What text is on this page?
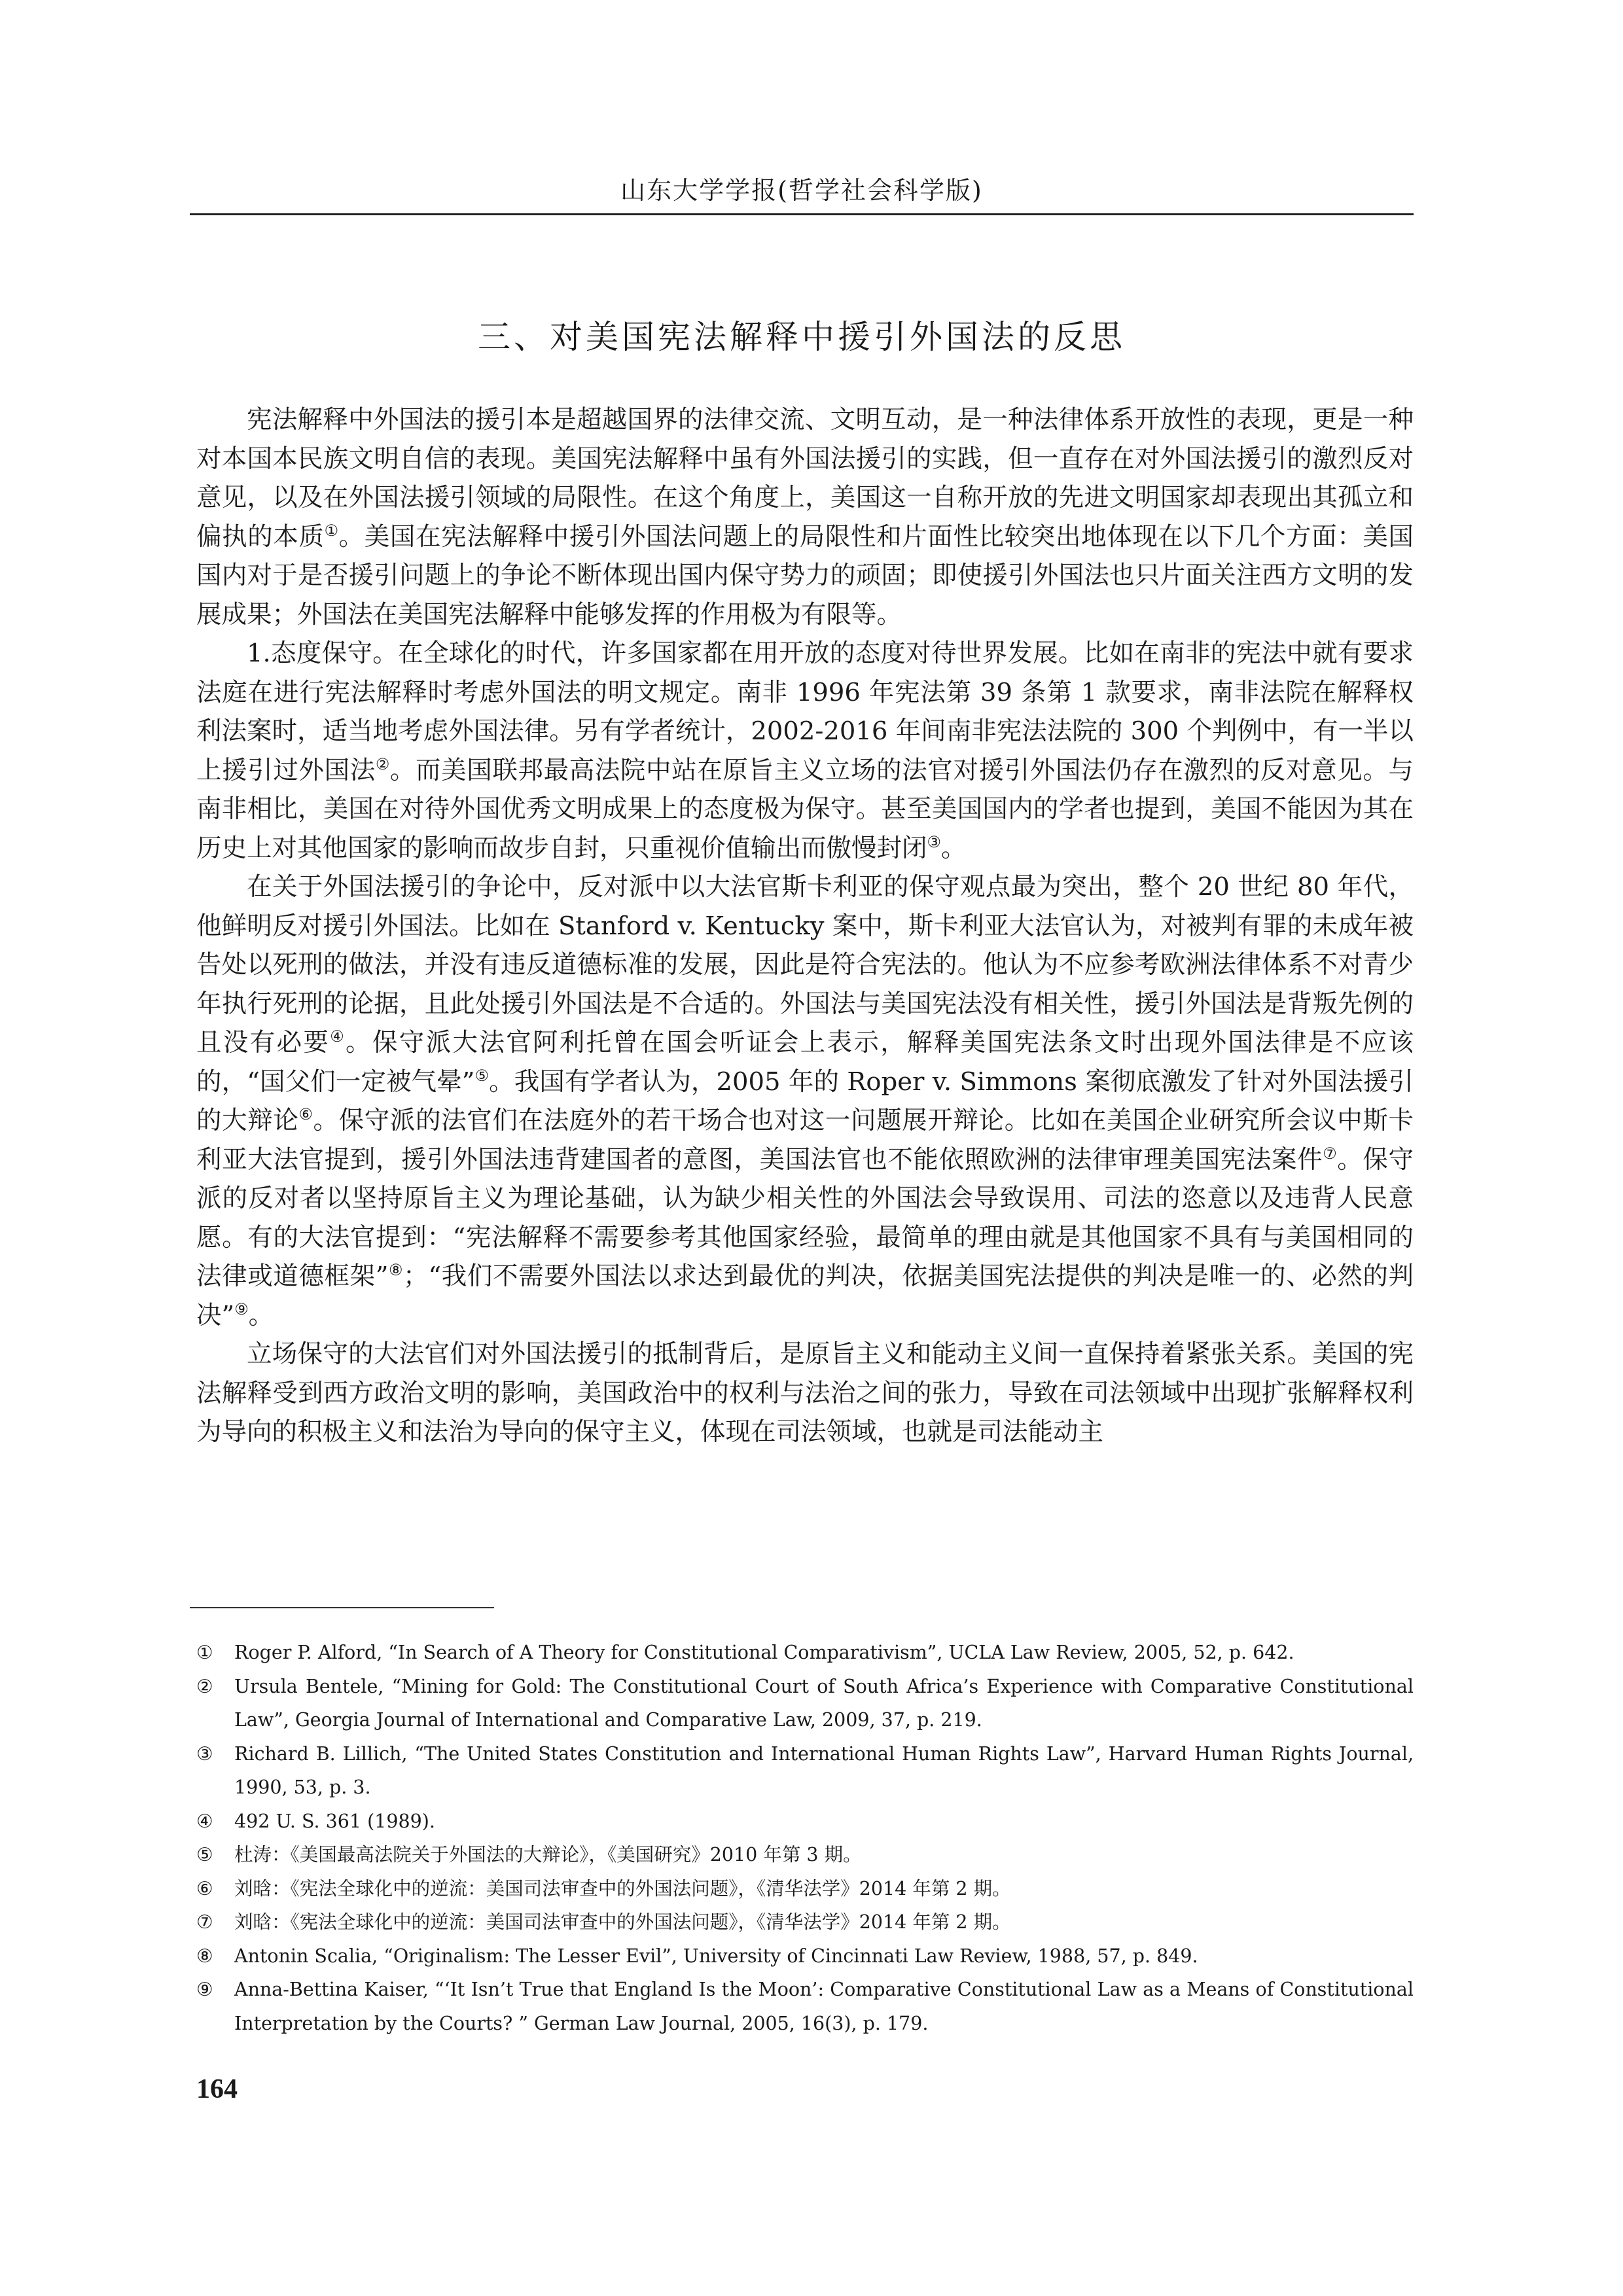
山东大学学报(哲学社会科学版)
三、对美国宪法解释中援引外国法的反思

宪法解释中外国法的援引本是超越国界的法律交流、文明互动，是一种法律体系开放性的表现，更是一种对本国本民族文明自信的表现。美国宪法解释中虽有外国法援引的实践，但一直存在对外国法援引的激烈反对意见，以及在外国法援引领域的局限性。在这个角度上，美国这一自称开放的先进文明国家却表现出其孤立和偏执的本质①。美国在宪法解释中援引外国法问题上的局限性和片面性比较突出地体现在以下几个方面：美国国内对于是否援引问题上的争论不断体现出国内保守势力的顽固；即使援引外国法也只片面关注西方文明的发展成果；外国法在美国宪法解释中能够发挥的作用极为有限等。

1.态度保守。在全球化的时代，许多国家都在用开放的态度对待世界发展。比如在南非的宪法中就有要求法庭在进行宪法解释时考虑外国法的明文规定。南非 1996 年宪法第 39 条第 1 款要求，南非法院在解释权利法案时，适当地考虑外国法律。另有学者统计，2002-2016 年间南非宪法法院的 300 个判例中，有一半以上援引过外国法②。而美国联邦最高法院中站在原旨主义立场的法官对援引外国法仍存在激烈的反对意见。与南非相比，美国在对待外国优秀文明成果上的态度极为保守。甚至美国国内的学者也提到，美国不能因为其在历史上对其他国家的影响而故步自封，只重视价值输出而傲慢封闭③。

在关于外国法援引的争论中，反对派中以大法官斯卡利亚的保守观点最为突出，整个 20 世纪 80 年代，他鲜明反对援引外国法。比如在 Stanford v. Kentucky 案中，斯卡利亚大法官认为，对被判有罪的未成年被告处以死刑的做法，并没有违反道德标准的发展，因此是符合宪法的。他认为不应参考欧洲法律体系不对青少年执行死刑的论据，且此处援引外国法是不合适的。外国法与美国宪法没有相关性，援引外国法是背叛先例的且没有必要④。保守派大法官阿利托曾在国会听证会上表示，解释美国宪法条文时出现外国法律是不应该的，“国父们一定被气晕”⑤。我国有学者认为，2005 年的 Roper v. Simmons 案彻底激发了针对外国法援引的大辩论⑥。保守派的法官们在法庭外的若干场合也对这一问题展开辩论。比如在美国企业研究所会议中斯卡利亚大法官提到，援引外国法违背建国者的意图，美国法官也不能依照欧洲的法律审理美国宪法案件⑦。保守派的反对者以坚持原旨主义为理论基础，认为缺少相关性的外国法会导致误用、司法的恣意以及违背人民意愿。有的大法官提到：“宪法解释不需要参考其他国家经验，最简单的理由就是其他国家不具有与美国相同的法律或道德框架”⑧；“我们不需要外国法以求达到最优的判决，依据美国宪法提供的判决是唯一的、必然的判决”⑨。

立场保守的大法官们对外国法援引的抵制背后，是原旨主义和能动主义间一直保持着紧张关系。美国的宪法解释受到西方政治文明的影响，美国政治中的权利与法治之间的张力，导致在司法领域中出现扩张解释权利为导向的积极主义和法治为导向的保守主义，体现在司法领域，也就是司法能动主

①	Roger P. Alford, “In Search of A Theory for Constitutional Comparativism”, UCLA Law Review, 2005, 52, p. 642.
②	Ursula Bentele, “Mining for Gold: The Constitutional Court of South Africa’s Experience with Comparative Constitutional Law”, Georgia Journal of International and Comparative Law, 2009, 37, p. 219.
③	Richard B. Lillich, “The United States Constitution and International Human Rights Law”, Harvard Human Rights Journal, 1990, 53, p. 3.
④	492 U. S. 361 (1989).
⑤	杜涛：《美国最高法院关于外国法的大辩论》，《美国研究》2010 年第 3 期。
⑥	刘晗：《宪法全球化中的逆流：美国司法审查中的外国法问题》，《清华法学》2014 年第 2 期。
⑦	刘晗：《宪法全球化中的逆流：美国司法审查中的外国法问题》，《清华法学》2014 年第 2 期。
⑧	Antonin Scalia, “Originalism: The Lesser Evil”, University of Cincinnati Law Review, 1988, 57, p. 849.
⑨	Anna-Bettina Kaiser, “‘It Isn’t True that England Is the Moon’: Comparative Constitutional Law as a Means of Constitutional Interpretation by the Courts? ” German Law Journal, 2005, 16(3), p. 179.
164
